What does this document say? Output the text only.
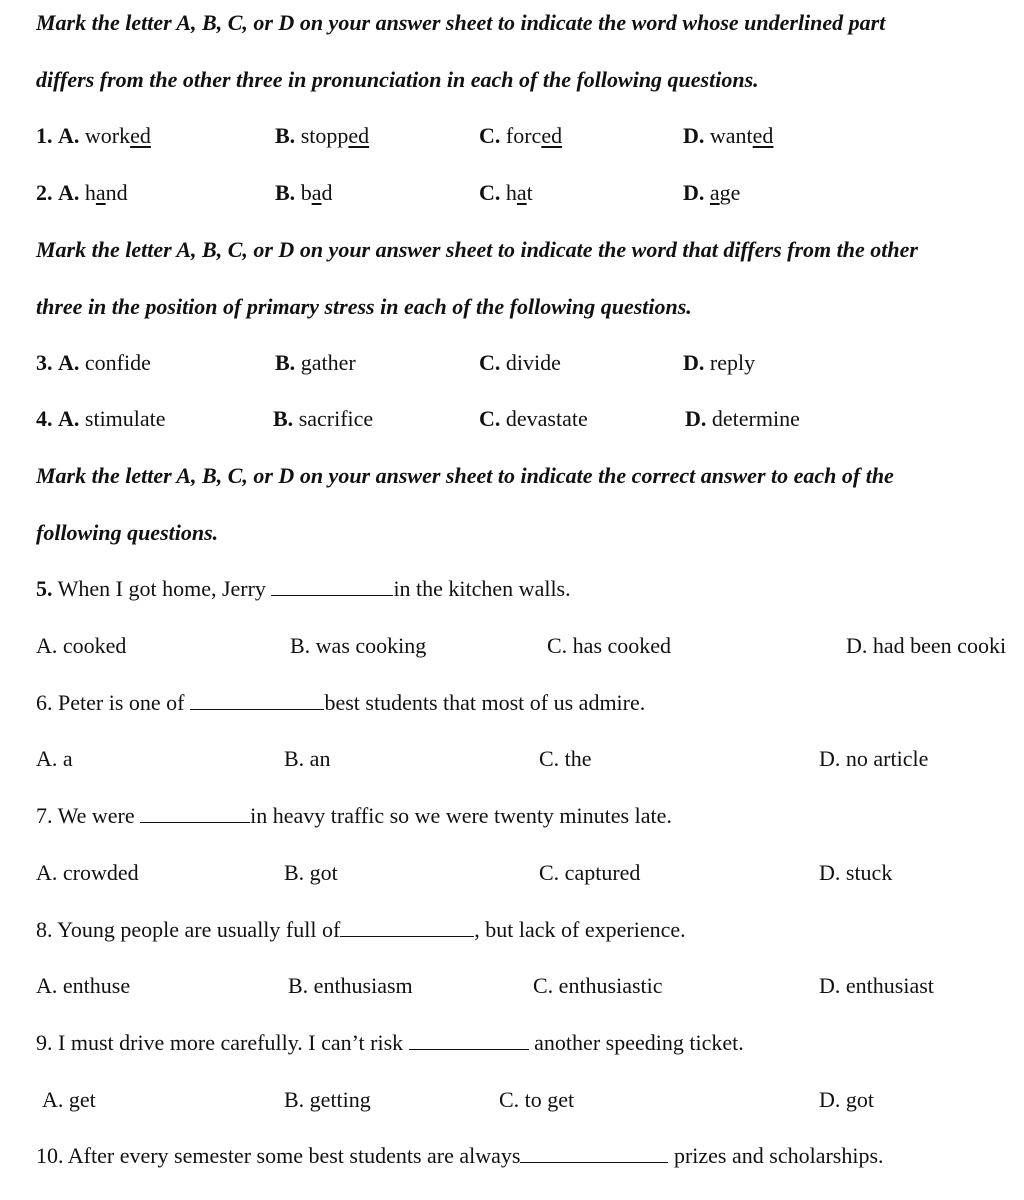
Mark the letter A, B, C, or D on your answer sheet to indicate the word whose underlined part
differs from the other three in pronunciation in each of the following questions.
1. A. worked	B. stopped	C. forced	D. wanted
2. A. hand	B. bad	C. hat	D. age
Mark the letter A, B, C, or D on your answer sheet to indicate the word that differs from the other
three in the position of primary stress in each of the following questions.
3. A. confide	B. gather	C. divide	D. reply
4. A. stimulate	B. sacrifice	C. devastate	D. determine
Mark the letter A, B, C, or D on your answer sheet to indicate the correct answer to each of the
following questions.
5. When I got home, Jerry	in the kitchen walls.
A. cooked	B. was cooking	C. has cooked	D. had been cooki
6. Peter is one of	best students that most of us admire.
A. a	B. an	C. the	D. no article
7. We were	in heavy traffic so we were twenty minutes late.
A. crowded	B. got	C. captured	D. stuck
8. Young people are usually full of	, but lack of experience.
A. enthuse	B. enthusiasm	C. enthusiastic	D. enthusiast
9. I must drive more carefully. I can’t risk	another speeding ticket.
A. get	B. getting	C. to get	D. got
10. After every semester some best students are always	prizes and scholarships.
